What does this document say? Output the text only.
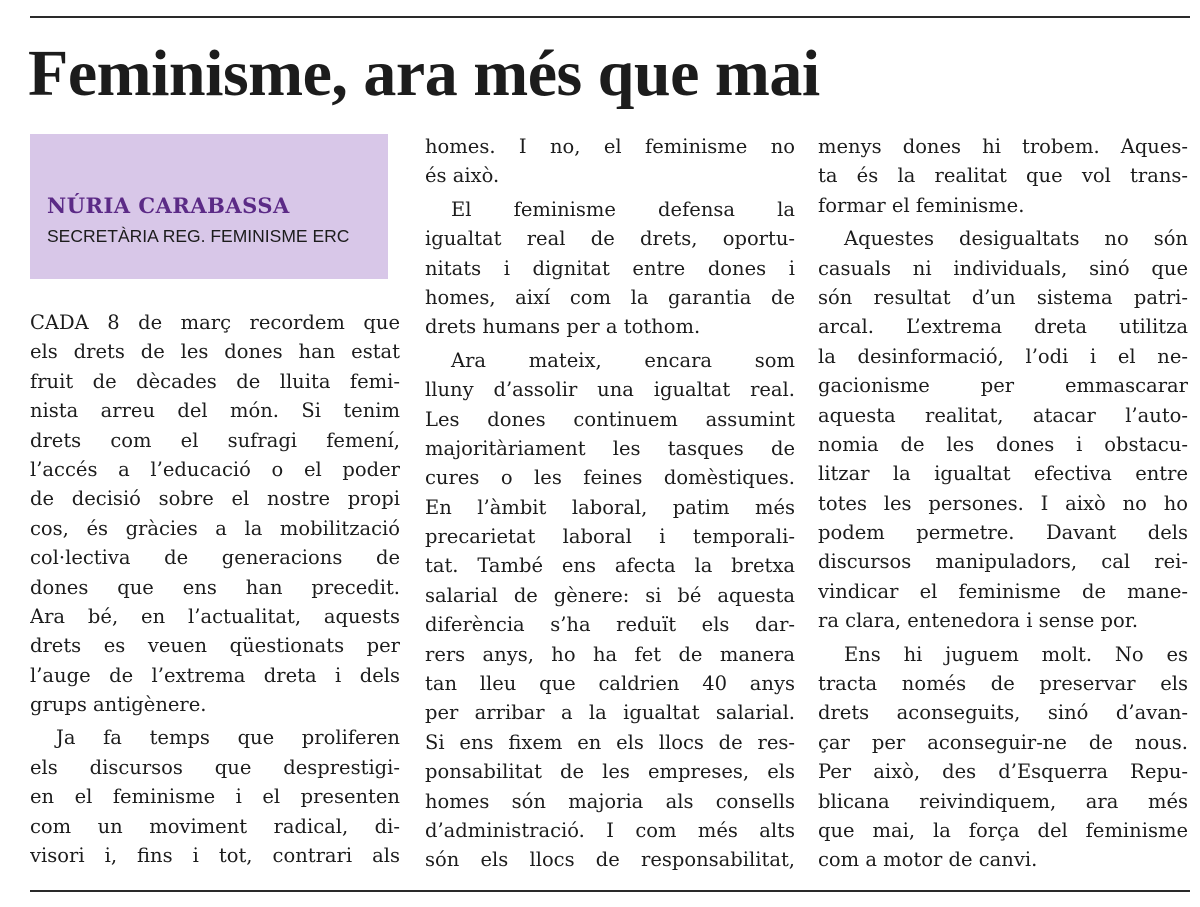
Feminisme, ara més que mai
NÚRIA CARABASSA
SECRETÀRIA REG. FEMINISME ERC

CADA 8 de març recordem que
els drets de les dones han estat
fruit de dècades de lluita femi-
nista arreu del món. Si tenim
drets com el sufragi femení,
l’accés a l’educació o el poder
de decisió sobre el nostre propi
cos, és gràcies a la mobilització
col·lectiva de generacions de
dones que ens han precedit.
Ara bé, en l’actualitat, aquests
drets es veuen qüestionats per
l’auge de l’extrema dreta i dels
grups antigènere.

Ja fa temps que proliferen
els discursos que desprestigi-
en el feminisme i el presenten
com un moviment radical, di-
visori i, fins i tot, contrari als

homes. I no, el feminisme no
és això.

El feminisme defensa la
igualtat real de drets, oportu-
nitats i dignitat entre dones i
homes, així com la garantia de
drets humans per a tothom.

Ara mateix, encara som
lluny d’assolir una igualtat real.
Les dones continuem assumint
majoritàriament les tasques de
cures o les feines domèstiques.
En l’àmbit laboral, patim més
precarietat laboral i temporali-
tat. També ens afecta la bretxa
salarial de gènere: si bé aquesta
diferència s’ha reduït els dar-
rers anys, ho ha fet de manera
tan lleu que caldrien 40 anys
per arribar a la igualtat salarial.
Si ens fixem en els llocs de res-
ponsabilitat de les empreses, els
homes són majoria als consells
d’administració. I com més alts
són els llocs de responsabilitat,

menys dones hi trobem. Aques-
ta és la realitat que vol trans-
formar el feminisme.

Aquestes desigualtats no són
casuals ni individuals, sinó que
són resultat d’un sistema patri-
arcal. L’extrema dreta utilitza
la desinformació, l’odi i el ne-
gacionisme per emmascarar
aquesta realitat, atacar l’auto-
nomia de les dones i obstacu-
litzar la igualtat efectiva entre
totes les persones. I això no ho
podem permetre. Davant dels
discursos manipuladors, cal rei-
vindicar el feminisme de mane-
ra clara, entenedora i sense por.

Ens hi juguem molt. No es
tracta només de preservar els
drets aconseguits, sinó d’avan-
çar per aconseguir-ne de nous.
Per això, des d’Esquerra Repu-
blicana reivindiquem, ara més
que mai, la força del feminisme
com a motor de canvi.
